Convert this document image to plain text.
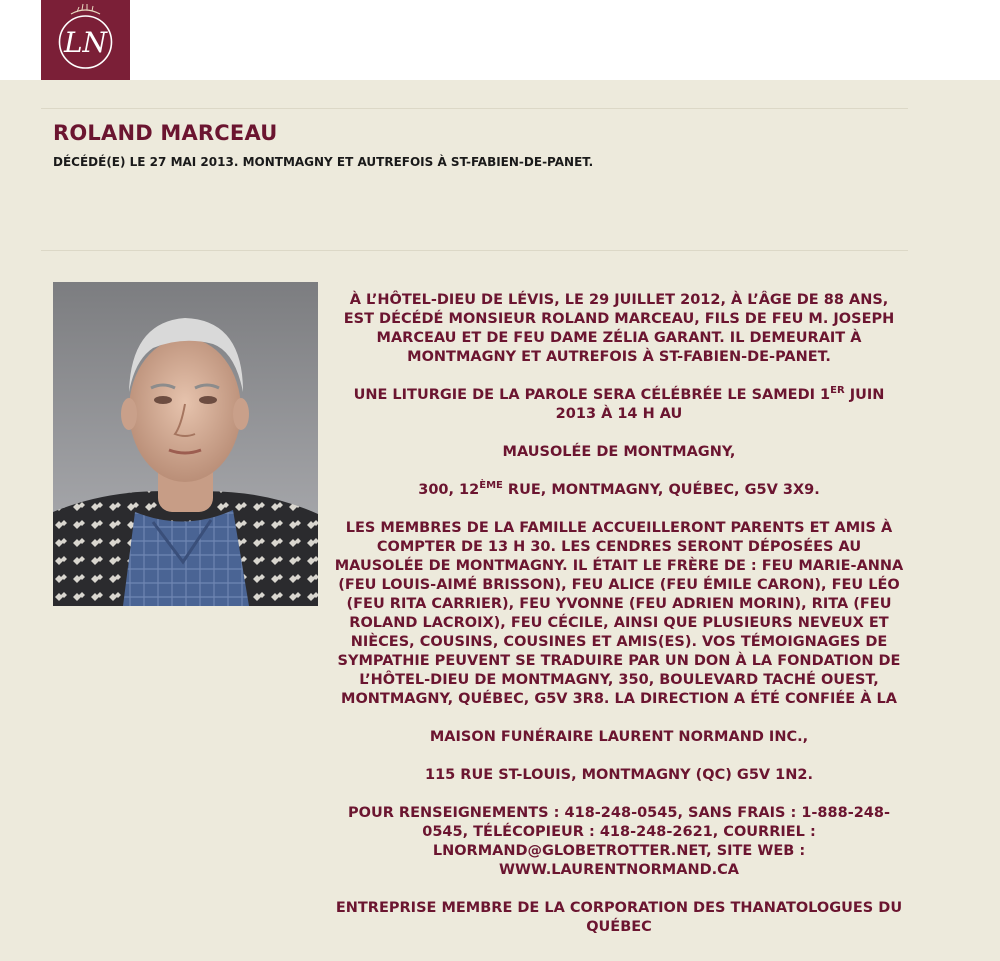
LN
ROLAND MARCEAU

DÉCÉDÉ(E) LE 27 MAI 2013. MONTMAGNY ET AUTREFOIS À ST-FABIEN-DE-PANET.

À L’HÔTEL-DIEU DE LÉVIS, LE 29 JUILLET 2012, À L’ÂGE DE 88 ANS, EST DÉCÉDÉ MONSIEUR ROLAND MARCEAU, FILS DE FEU M. JOSEPH MARCEAU ET DE FEU DAME ZÉLIA GARANT. IL DEMEURAIT À MONTMAGNY ET AUTREFOIS À ST-FABIEN-DE-PANET.

UNE LITURGIE DE LA PAROLE SERA CÉLÉBRÉE LE SAMEDI 1ER JUIN 2013 À 14 H AU

MAUSOLÉE DE MONTMAGNY,

300, 12ÈME RUE, MONTMAGNY, QUÉBEC, G5V 3X9.

LES MEMBRES DE LA FAMILLE ACCUEILLERONT PARENTS ET AMIS À COMPTER DE 13 H 30. LES CENDRES SERONT DÉPOSÉES AU MAUSOLÉE DE MONTMAGNY. IL ÉTAIT LE FRÈRE DE : FEU MARIE-ANNA (FEU LOUIS-AIMÉ BRISSON), FEU ALICE (FEU ÉMILE CARON), FEU LÉO (FEU RITA CARRIER), FEU YVONNE (FEU ADRIEN MORIN), RITA (FEU ROLAND LACROIX), FEU CÉCILE, AINSI QUE PLUSIEURS NEVEUX ET NIÈCES, COUSINS, COUSINES ET AMIS(ES). VOS TÉMOIGNAGES DE SYMPATHIE PEUVENT SE TRADUIRE PAR UN DON À LA FONDATION DE L’HÔTEL-DIEU DE MONTMAGNY, 350, BOULEVARD TACHÉ OUEST, MONTMAGNY, QUÉBEC, G5V 3R8. LA DIRECTION A ÉTÉ CONFIÉE À LA

MAISON FUNÉRAIRE LAURENT NORMAND INC.,

115 RUE ST-LOUIS, MONTMAGNY (QC) G5V 1N2.

POUR RENSEIGNEMENTS : 418-248-0545, SANS FRAIS : 1-888-248-0545, TÉLÉCOPIEUR : 418-248-2621, COURRIEL : LNORMAND@GLOBETROTTER.NET, SITE WEB : WWW.LAURENTNORMAND.CA

ENTREPRISE MEMBRE DE LA CORPORATION DES THANATOLOGUES DU QUÉBEC
